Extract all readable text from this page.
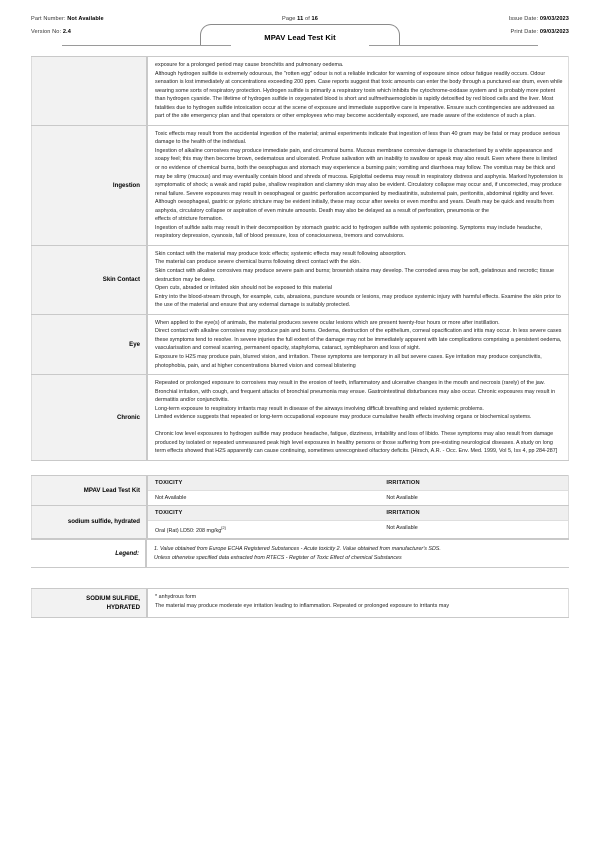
Part Number: Not Available
Version No: 2.4
Page 11 of 16	Issue Date: 09/03/2023
Print Date: 09/03/2023
MPAV Lead Test Kit

	exposure for a prolonged period may cause bronchitis and pulmonary oedema.

Although hydrogen sulfide is extremely odourous, the "rotten egg" odour is not a reliable indicator for warning of exposure since odour fatigue readily occurs. Odour sensation is lost immediately at concentrations exceeding 200 ppm. Case reports suggest that toxic amounts can enter the body through a punctured ear drum, even while wearing some sorts of respiratory protection. Hydrogen sulfide is primarily a respiratory toxin which inhibits the cytochrome-oxidase system and is probably more potent than hydrogen cyanide. The lifetime of hydrogen sulfide in oxygenated blood is short and sulfmethaemoglobin is rapidly detoxified by red blood cells and the liver. Most fatalities due to hydrogen sulfide intoxication occur at the scene of exposure and immediate supportive care is imperative. Ensure such contingencies are addressed as part of the site emergency plan and that operators or other employees who may become accidentally exposed, are made aware of the existence of such a plan.

Ingestion	Toxic effects may result from the accidental ingestion of the material; animal experiments indicate that ingestion of less than 40 gram may be fatal or may produce serious damage to the health of the individual.

Ingestion of alkaline corrosives may produce immediate pain, and circumoral burns. Mucous membrane corrosive damage is characterised by a white appearance and soapy feel; this may then become brown, oedematous and ulcerated. Profuse salivation with an inability to swallow or speak may also result. Even where there is limited or no evidence of chemical burns, both the oesophagus and stomach may experience a burning pain; vomiting and diarrhoea may follow. The vomitus may be thick and may be slimy (mucous) and may eventually contain blood and shreds of mucosa. Epiglottal oedema may result in respiratory distress and asphyxia. Marked hypotension is symptomatic of shock; a weak and rapid pulse, shallow respiration and clammy skin may also be evident. Circulatory collapse may occur and, if uncorrected, may produce renal failure. Severe exposures may result in oesophageal or gastric perforation accompanied by mediastinitis, substernal pain, peritonitis, abdominal rigidity and fever. Although oesophageal, gastric or pyloric stricture may be evident initially, these may occur after weeks or even months and years. Death may be quick and results from asphyxia, circulatory collapse or aspiration of even minute amounts. Death may also be delayed as a result of perforation, pneumonia or the

effects of stricture formation.

Ingestion of sulfide salts may result in their decomposition by stomach gastric acid to hydrogen sulfide with systemic poisoning. Symptoms may include headache, respiratory depression, cyanosis, fall of blood pressure, loss of consciousness, tremors and convulsions.

Skin Contact	Skin contact with the material may produce toxic effects; systemic effects may result following absorption.

The material can produce severe chemical burns following direct contact with the skin.

Skin contact with alkaline corrosives may produce severe pain and burns; brownish stains may develop. The corroded area may be soft, gelatinous and necrotic; tissue destruction may be deep.

Open cuts, abraded or irritated skin should not be exposed to this material

Entry into the blood-stream through, for example, cuts, abrasions, puncture wounds or lesions, may produce systemic injury with harmful effects. Examine the skin prior to the use of the material and ensure that any external damage is suitably protected.

Eye	When applied to the eye(s) of animals, the material produces severe ocular lesions which are present twenty-four hours or more after instillation.

Direct contact with alkaline corrosives may produce pain and burns. Oedema, destruction of the epithelium, corneal opacification and iritis may occur. In less severe cases these symptoms tend to resolve. In severe injuries the full extent of the damage may not be immediately apparent with late complications comprising a persistent oedema, vascularisation and corneal scarring, permanent opacity, staphyloma, cataract, symblepharon and loss of sight.

Exposure to H2S may produce pain, blurred vision, and irritation. These symptoms are temporary in all but severe cases. Eye irritation may produce conjunctivitis, photophobia, pain, and at higher concentrations blurred vision and corneal blistering

Chronic	Repeated or prolonged exposure to corrosives may result in the erosion of teeth, inflammatory and ulcerative changes in the mouth and necrosis (rarely) of the jaw. Bronchial irritation, with cough, and frequent attacks of bronchial pneumonia may ensue. Gastrointestinal disturbances may also occur. Chronic exposures may result in dermatitis and/or conjunctivitis.

Long-term exposure to respiratory irritants may result in disease of the airways involving difficult breathing and related systemic problems.

Limited evidence suggests that repeated or long-term occupational exposure may produce cumulative health effects involving organs or biochemical systems.

Chronic low level exposures to hydrogen sulfide may produce headache, fatigue, dizziness, irritability and loss of libido. These symptoms may also result from damage produced by isolated or repeated unmeasured peak high level exposures in healthy persons or those suffering from pre-existing neurological diseases. A study on long term effects showed that H2S apparently can cause continuing, sometimes unrecognised olfactory deficits. [Hirsch, A.R. - Occ. Env. Med. 1999, Vol 5, Iss 4, pp 284-287]

MPAV Lead Test Kit	
TOXICITY	IRRITATION
Not Available	Not Available

sodium sulfide, hydrated	
TOXICITY	IRRITATION
Oral (Rat) LD50: 208 mg/kg[2]	Not Available
Legend:	
1. Value obtained from Europe ECHA Registered Substances - Acute toxicity 2. Value obtained from manufacturer's SDS.
Unless otherwise specified data extracted from RTECS - Register of Toxic Effect of chemical Substances
SODIUM SULFIDE,
HYDRATED

* anhydrous form

The material may produce moderate eye irritation leading to inflammation. Repeated or prolonged exposure to irritants may
